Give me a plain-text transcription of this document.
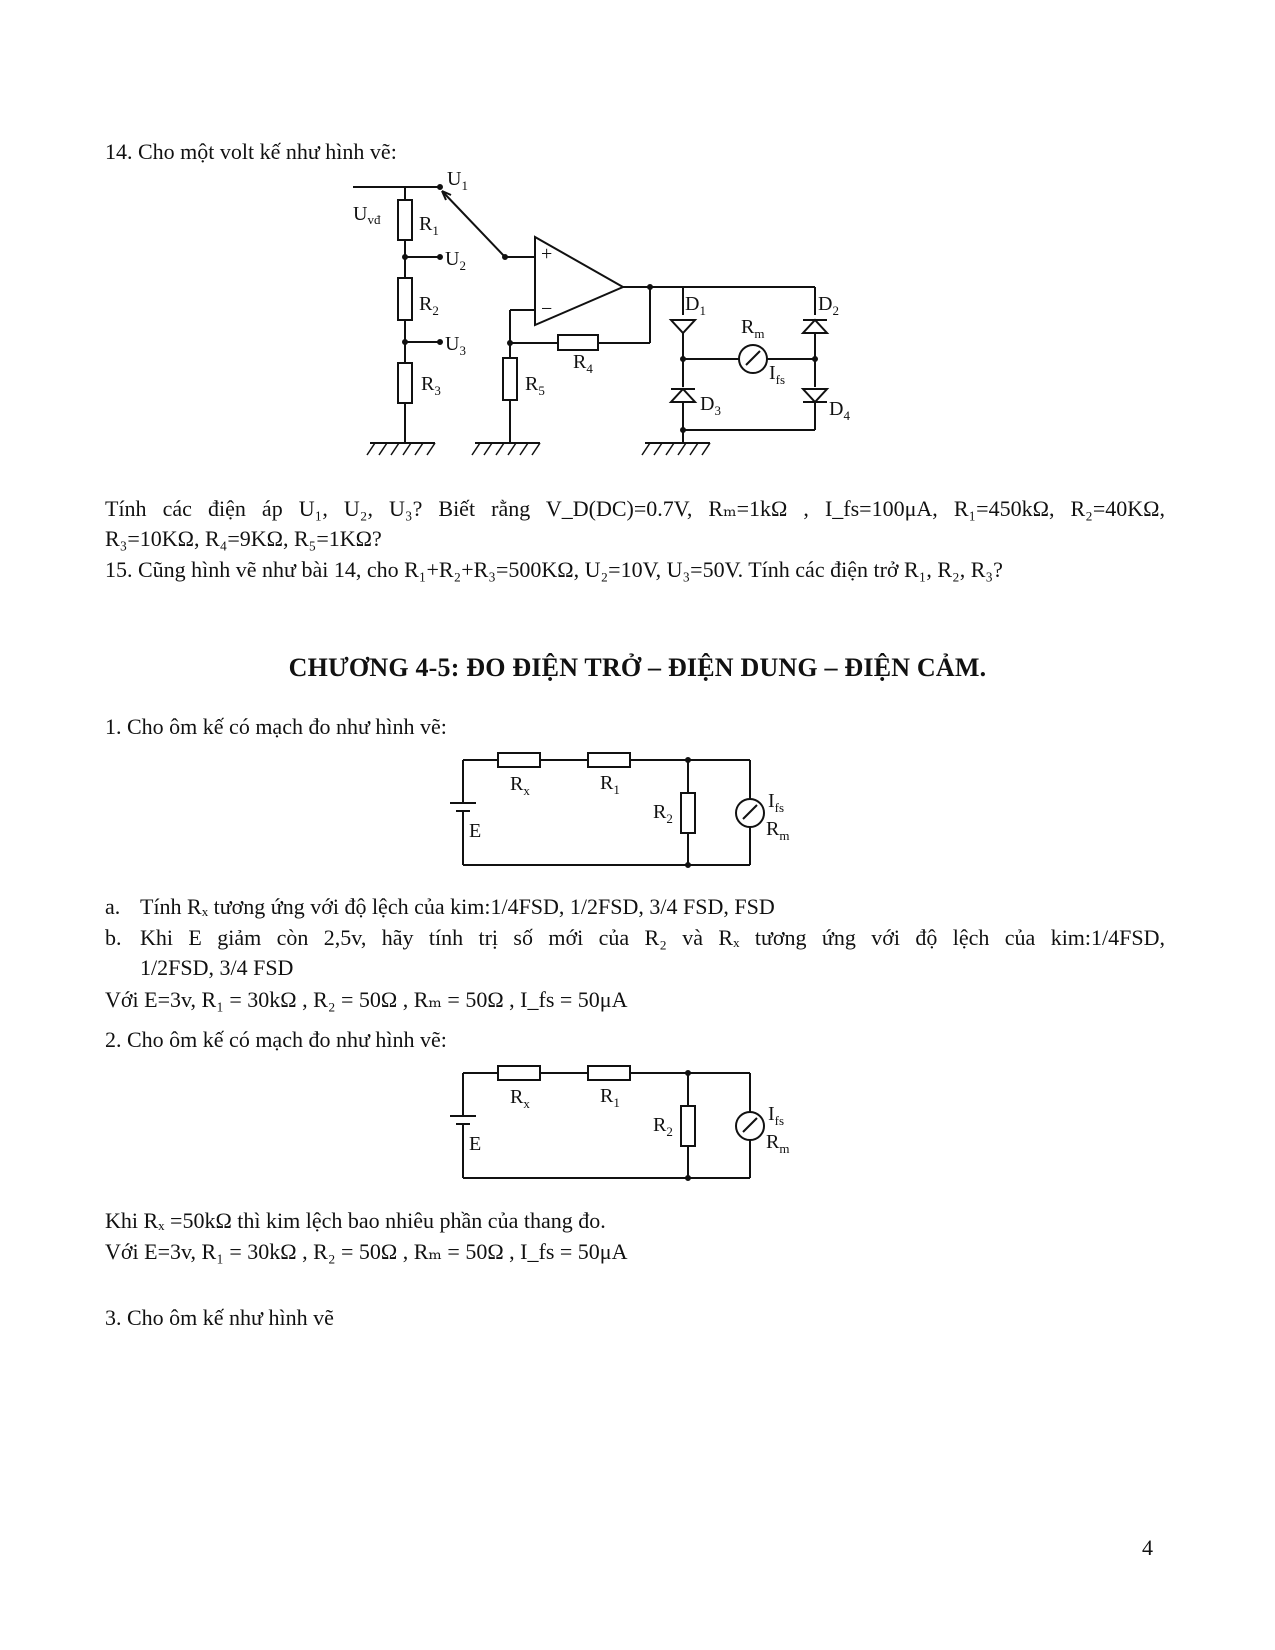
14. Cho một volt kế như hình vẽ:
$U_1$
$U_{vđ}$ $R_1$
$U_2$
$R_2$
$U_3$
$R_3$	$R_5$
$R_4$
+
−	$D_1$	$D_2$
$R_m$
$I_{fs}$
$D_3$	$D_4$
Tính các điện áp U₁, U₂, U₃? Biết rằng V_D(DC)=0.7V, Rₘ=1kΩ , I_fs=100μA, R₁=450kΩ, R₂=40KΩ,
R₃=10KΩ, R₄=9KΩ, R₅=1KΩ?
15. Cũng hình vẽ như bài 14, cho R₁+R₂+R₃=500KΩ, U₂=10V, U₃=50V. Tính các điện trở R₁, R₂, R₃?
CHƯƠNG 4-5: ĐO ĐIỆN TRỞ – ĐIỆN DUNG – ĐIỆN CẢM.
1. Cho ôm kế có mạch đo như hình vẽ:
$R_x$	$R_1$
$R_2$
E
$I_{fs}$
$R_m$
a. Tính Rₓ tương ứng với độ lệch của kim:1/4FSD, 1/2FSD, 3/4 FSD, FSD
b. Khi E giảm còn 2,5v, hãy tính trị số mới của R₂ và Rₓ tương ứng với độ lệch của kim:1/4FSD,
1/2FSD, 3/4 FSD
Với E=3v, R₁ = 30kΩ , R₂ = 50Ω , Rₘ = 50Ω , I_fs = 50μA
2. Cho ôm kế có mạch đo như hình vẽ:
$R_x$	$R_1$
$R_2$
E
$I_{fs}$
$R_m$
Khi Rₓ =50kΩ thì kim lệch bao nhiêu phần của thang đo.
Với E=3v, R₁ = 30kΩ , R₂ = 50Ω , Rₘ = 50Ω , I_fs = 50μA
3. Cho ôm kế như hình vẽ
4
